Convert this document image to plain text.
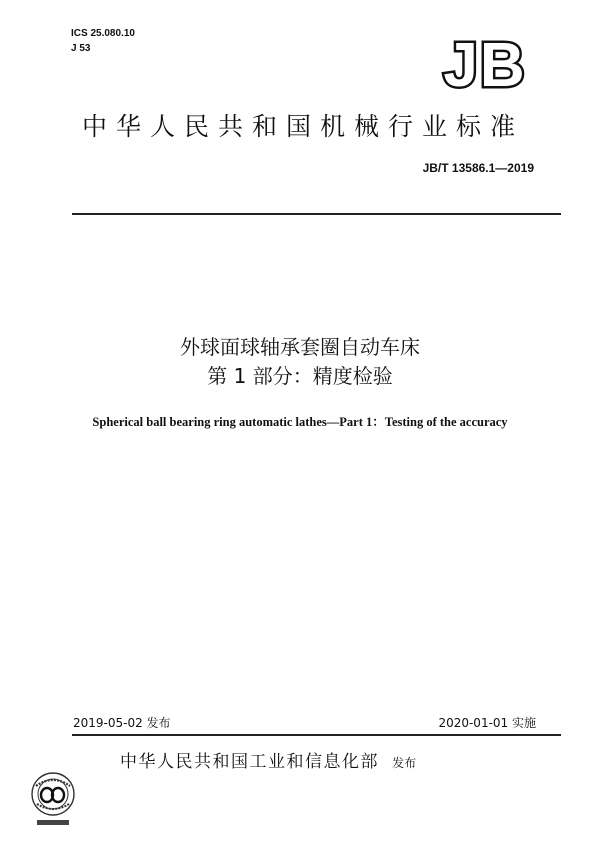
ICS 25.080.10
J 53	JB
中华人民共和国机械行业标准
JB/T 13586.1—2019
外球面球轴承套圈自动车床
第 1 部分：精度检验
Spherical ball bearing ring automatic lathes—Part 1：Testing of the accuracy
2019-05-02 发布	2020-01-01 实施
中华人民共和国工业和信息化部 发布
